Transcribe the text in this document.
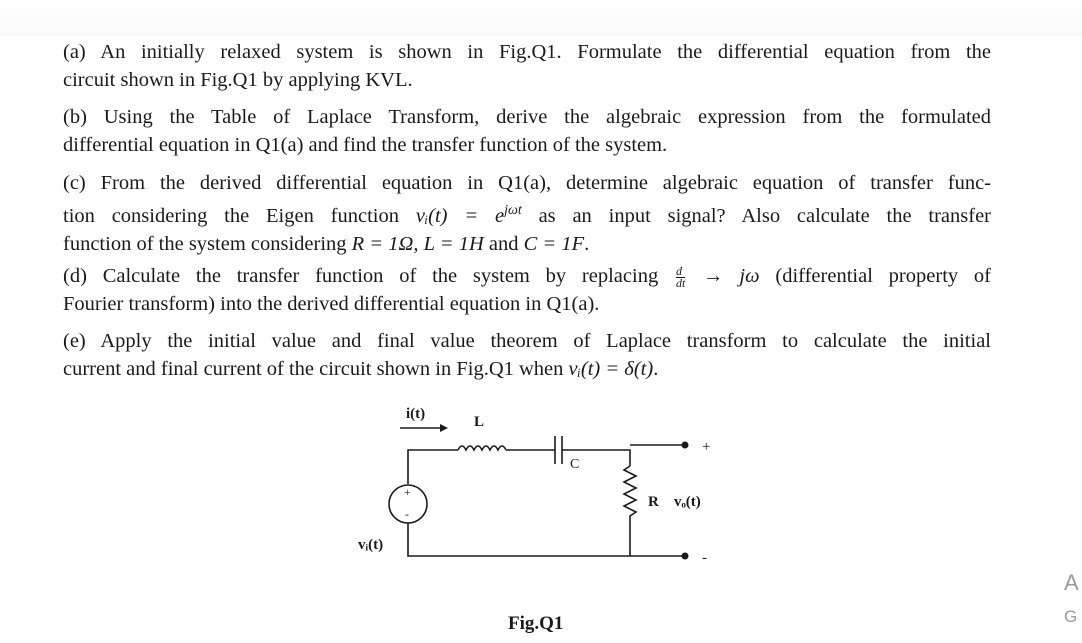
(a) An initially relaxed system is shown in Fig.Q1. Formulate the differential equation from the
circuit shown in Fig.Q1 by applying KVL.
(b) Using the Table of Laplace Transform, derive the algebraic expression from the formulated
differential equation in Q1(a) and find the transfer function of the system.
(c) From the derived differential equation in Q1(a), determine algebraic equation of transfer func-
tion considering the Eigen function vᵢ(t) = $e^{j\omega t}$ as an input signal? Also calculate the transfer
function of the system considering R = 1Ω, L = 1H and C = 1F.
(d) Calculate the transfer function of the system by replacing $\frac{d}{dt} \to j\omega$ (differential property of
Fourier transform) into the derived differential equation in Q1(a).
(e) Apply the initial value and final value theorem of Laplace transform to calculate the initial
current and final current of the circuit shown in Fig.Q1 when vᵢ(t) = δ(t).
i(t)	L
C
R vₒ(t)
+
-
+
-
vᵢ(t)
Fig.Q1
A
G
